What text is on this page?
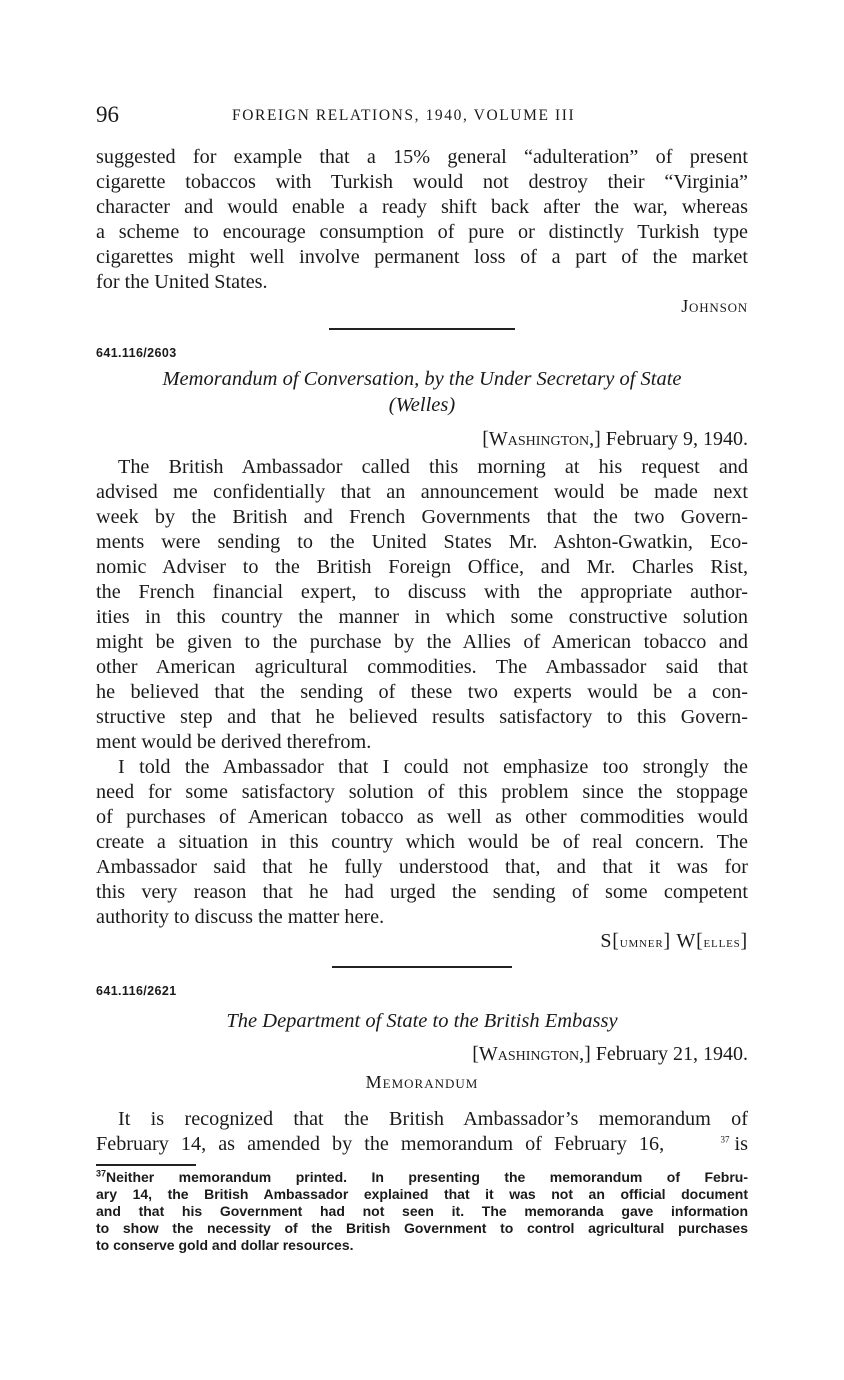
96	FOREIGN RELATIONS, 1940, VOLUME III
suggested for example that a 15% general “adulteration” of present
cigarette tobaccos with Turkish would not destroy their “Virginia”
character and would enable a ready shift back after the war, whereas
a scheme to encourage consumption of pure or distinctly Turkish type
cigarettes might well involve permanent loss of a part of the market
for the United States.
Johnson
641.116/2603
Memorandum of Conversation, by the Under Secretary of State
(Welles)
[Washington,] February 9, 1940.
The British Ambassador called this morning at his request and
advised me confidentially that an announcement would be made next
week by the British and French Governments that the two Govern-
ments were sending to the United States Mr. Ashton-Gwatkin, Eco-
nomic Adviser to the British Foreign Office, and Mr. Charles Rist,
the French financial expert, to discuss with the appropriate author-
ities in this country the manner in which some constructive solution
might be given to the purchase by the Allies of American tobacco and
other American agricultural commodities. The Ambassador said that
he believed that the sending of these two experts would be a con-
structive step and that he believed results satisfactory to this Govern-
ment would be derived therefrom.
I told the Ambassador that I could not emphasize too strongly the
need for some satisfactory solution of this problem since the stoppage
of purchases of American tobacco as well as other commodities would
create a situation in this country which would be of real concern. The
Ambassador said that he fully understood that, and that it was for
this very reason that he had urged the sending of some competent
authority to discuss the matter here.
S[umner] W[elles]
641.116/2621
The Department of State to the British Embassy
[Washington,] February 21, 1940.
Memorandum
It is recognized that the British Ambassador’s memorandum of
February 14, as amended by the memorandum of February 16,	$^{37}$ is
$^{37}$Neither memorandum printed. In presenting the memorandum of Febru-
ary 14, the British Ambassador explained that it was not an official document
and that his Government had not seen it. The memoranda gave information
to show the necessity of the British Government to control agricultural purchases
to conserve gold and dollar resources.
